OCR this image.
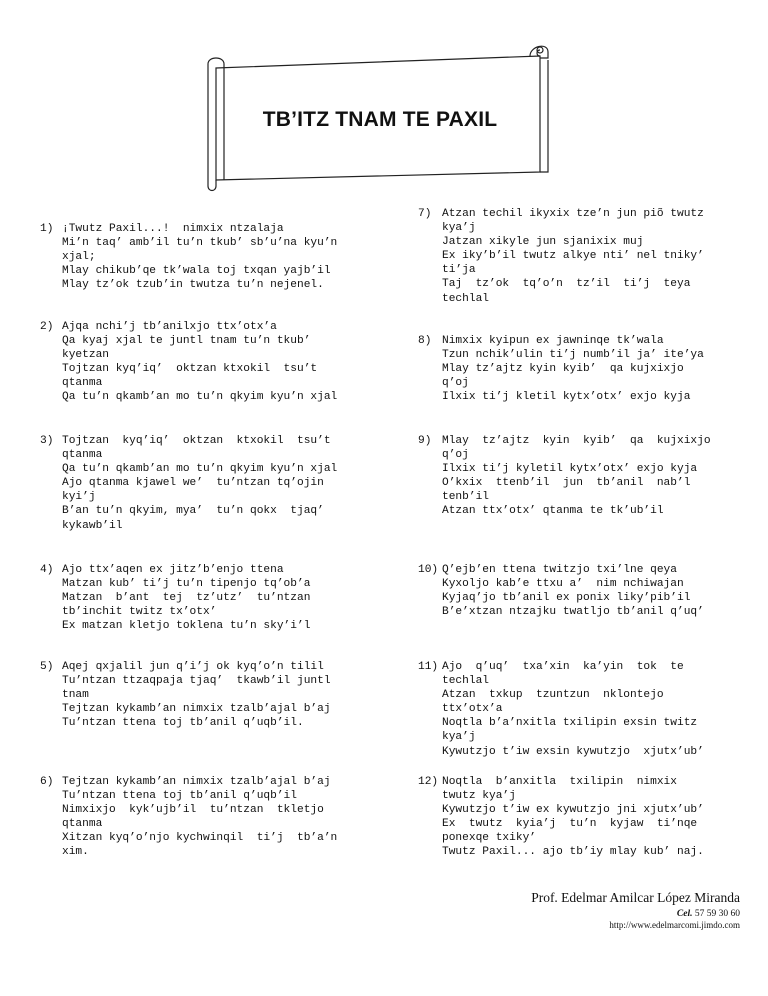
TB’ITZ TNAM TE PAXIL
1) ¡Twutz Paxil...!  nimxix ntzalaja
Mi’n taq’ amb’il tu’n tkub’ sb’u’na kyu’n
xjal;
Mlay chikub’qe tk’wala toj txqan yajb’il
Mlay tz’ok tzub’in twutza tu’n nejenel.
2) Ajqa nchi’j tb’anilxjo ttx’otx’a
Qa kyaj xjal te juntl tnam tu’n tkub’
kyetzan
Tojtzan kyq’iq’  oktzan ktxokil  tsu’t
qtanma
Qa tu’n qkamb’an mo tu’n qkyim kyu’n xjal
3) Tojtzan  kyq’iq’  oktzan  ktxokil  tsu’t
qtanma
Qa tu’n qkamb’an mo tu’n qkyim kyu’n xjal
Ajo qtanma kjawel we’  tu’ntzan tq’ojin
kyi’j
B’an tu’n qkyim, mya’  tu’n qokx  tjaq’
kykawb’il
4) Ajo ttx’aqen ex jitz’b’enjo ttena
Matzan kub’ ti’j tu’n tipenjo tq’ob’a
Matzan  b’ant  tej  tz’utz’  tu’ntzan
tb’inchit twitz tx’otx’
Ex matzan kletjo toklena tu’n sky’i’l
5) Aqej qxjalil jun q’i’j ok kyq’o’n tilil
Tu’ntzan ttzaqpaja tjaq’  tkawb’il juntl
tnam
Tejtzan kykamb’an nimxix tzalb’ajal b’aj
Tu’ntzan ttena toj tb’anil q’uqb’il.
6) Tejtzan kykamb’an nimxix tzalb’ajal b’aj
Tu’ntzan ttena toj tb’anil q’uqb’il
Nimxixjo  kyk’ujb’il  tu’ntzan  tkletjo
qtanma
Xitzan kyq’o’njo kychwinqil  ti’j  tb’a’n
xim.
7) Atzan techil ikyxix tze’n jun piõ twutz
kya’j
Jatzan xikyle jun sjanixix muj
Ex iky’b’il twutz alkye nti’ nel tniky’
ti’ja
Taj  tz’ok  tq’o’n  tz’il  ti’j  teya
techlal
8) Nimxix kyipun ex jawninqe tk’wala
Tzun nchik’ulin ti’j numb’il ja’ ite’ya
Mlay tz’ajtz kyin kyib’  qa kujxixjo
q’oj
Ilxix ti’j kletil kytx’otx’ exjo kyja
9) Mlay  tz’ajtz  kyin  kyib’  qa  kujxixjo
q’oj
Ilxix ti’j kyletil kytx’otx’ exjo kyja
O’kxix  ttenb’il  jun  tb’anil  nab’l
tenb’il
Atzan ttx’otx’ qtanma te tk’ub’il
10) Q’ejb’en ttena twitzjo txi’lne qeya
Kyxoljo kab’e ttxu a’  nim nchiwajan
Kyjaq’jo tb’anil ex ponix liky’pib’il
B’e’xtzan ntzajku twatljo tb’anil q’uq’
11) Ajo  q’uq’  txa’xin  ka’yin  tok  te
techlal
Atzan  txkup  tzuntzun  nklontejo
ttx’otx’a
Noqtla b’a’nxitla txilipin exsin twitz
kya’j
Kywutzjo t’iw exsin kywutzjo  xjutx’ub’
12) Noqtla  b’anxitla  txilipin  nimxix
twutz kya’j
Kywutzjo t’iw ex kywutzjo jni xjutx’ub’
Ex  twutz  kyia’j  tu’n  kyjaw  ti’nqe
ponexqe txiky’
Twutz Paxil... ajo tb’iy mlay kub’ naj.
Prof. Edelmar Amilcar López Miranda
Cel. 57 59 30 60
http://www.edelmarcomi.jimdo.com
